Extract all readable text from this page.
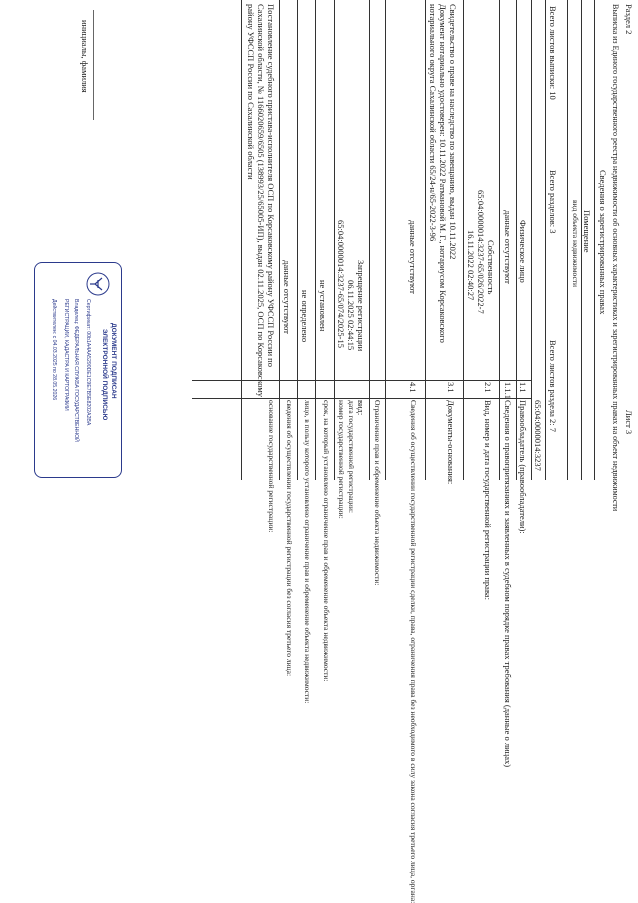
Раздел 2
Лист 3
Выписка из Единого государственного реестра недвижимости об основных характеристиках и зарегистрированных правах на объект недвижимости
Сведения о зарегистрированных правах
Помещение
вид объекта недвижимости
Всего листов выписки: 10
Всего разделов: 3
Всего листов раздела 2: 7
65:04:0000014:3237
Правообладатель (правообладатели):
1.1
Физическое лицо
Сведения о правопритязаниях и заявленных в судебном порядке правах требования (данные о лицах)
1.1.1
данные отсутствуют
Вид, номер и дата государственной регистрации права:
2.1
Собственность
65:04:0000014:3237-65/026/2022-7
16.11.2022 02:40:27
Документы-основания:
3.1
Свидетельство о праве на наследство по завещанию, выдан 10.11.2022
Документ нотариально удостоверен: 10.11.2022 Ратмановой М. Г., нотариусом Корсаковского
нотариального округа Сахалинской области 65/24-н/65-2022-3-96
Сведения об осуществлении государственной регистрации сделки, права, ограничения права без необходимого в силу закона согласия третьего лица, органа:
4.1
данные отсутствуют
Ограничение прав и обременение объекта недвижимости:
вид:
Запрещение регистрации
дата государственной регистрации:
06.11.2025 02:44:15
номер государственной регистрации:
65:04:0000014:3237-65/074/2025-15
срок, на который установлено ограничение прав и обременение объекта недвижимости:
не установлен
лицо, в пользу которого установлено ограничение прав и обременение объекта недвижимости:
не определено
сведения об осуществлении государственной регистрации без согласия третьего лица:
данные отсутствуют
основание государственной регистрации:
Постановление судебного пристава-исполнителя ОСП по Корсаковскому району УФССП России по
Сахалинской области, № 1166020659/6505 (138993/25/65005-ИП), выдан 02.11.2025, ОСП по Корсаковскому
району УФССП России по Сахалинской области
ДОКУМЕНТ ПОДПИСАН
ЭЛЕКТРОННОЙ ПОДПИСЬЮ
Сертификат: 00b1A4AA5290DE1C9E7B5E8202A2BA
Владелец: ФЕДЕРАЛЬНАЯ СЛУЖБА ГОСУДАРСТВЕННОЙ
РЕГИСТРАЦИИ, КАДАСТРА И КАРТОГРАФИИ
Действителен: с 04.03.2025 по 28.05.2026
инициалы, фамилия
